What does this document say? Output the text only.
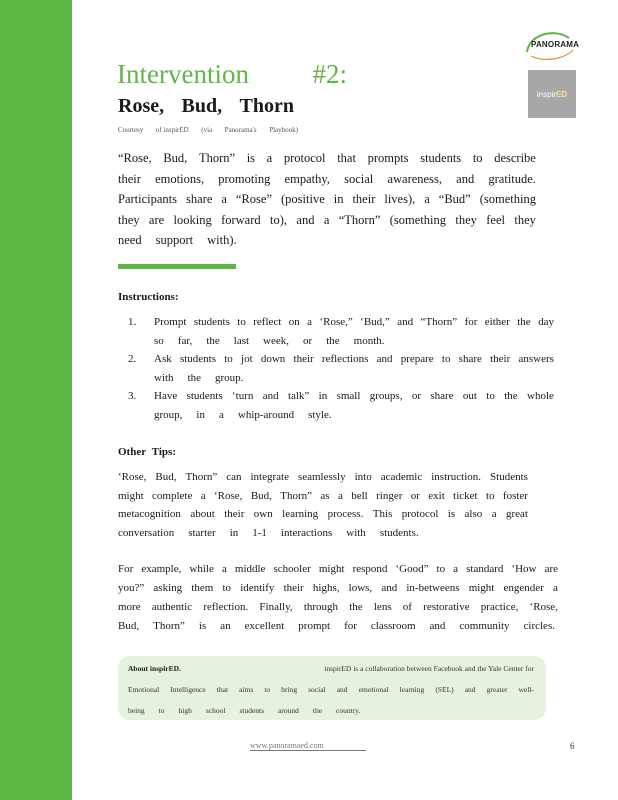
PANORAMA
inspir ED
Intervention #2:
Rose, Bud, Thorn
Courtesy of inspirED (via Panorama's Playbook)
“Rose, Bud, Thorn” is a protocol that prompts students to describe
their emotions, promoting empathy, social awareness, and gratitude.
Participants share a “Rose” (positive in their lives), a “Bud” (something
they are looking forward to), and a “Thorn” (something they feel they
need support with).
Instructions:
1.	Prompt students to reflect on a ‘Rose,” ‘Bud,” and “Thorn” for either the day
so far, the last week, or the month.
2.	Ask students to jot down their reflections and prepare to share their answers
with the group.
3.	Have students ‘turn and talk” in small groups, or share out to the whole
group, in a whip-around style.
Other Tips:
‘Rose, Bud, Thorn” can integrate seamlessly into academic instruction. Students
might complete a ‘Rose, Bud, Thorn” as a bell ringer or exit ticket to foster
metacognition about their own learning process. This protocol is also a great
conversation starter in 1-1 interactions with students.
For example, while a middle schooler might respond ‘Good” to a standard ‘How are
you?” asking them to identify their highs, lows, and in-betweens might engender a
more authentic reflection. Finally, through the lens of restorative practice, ‘Rose,
Bud, Thorn” is an excellent prompt for classroom and community circles.
About inspirED.	inspirED is a collaboration between Facebook and the Yale Center for
Emotional Intelligence that aims to bring social and emotional learning (SEL) and greater well-
being to high school students around the country.
www.panoramaed.com	6
